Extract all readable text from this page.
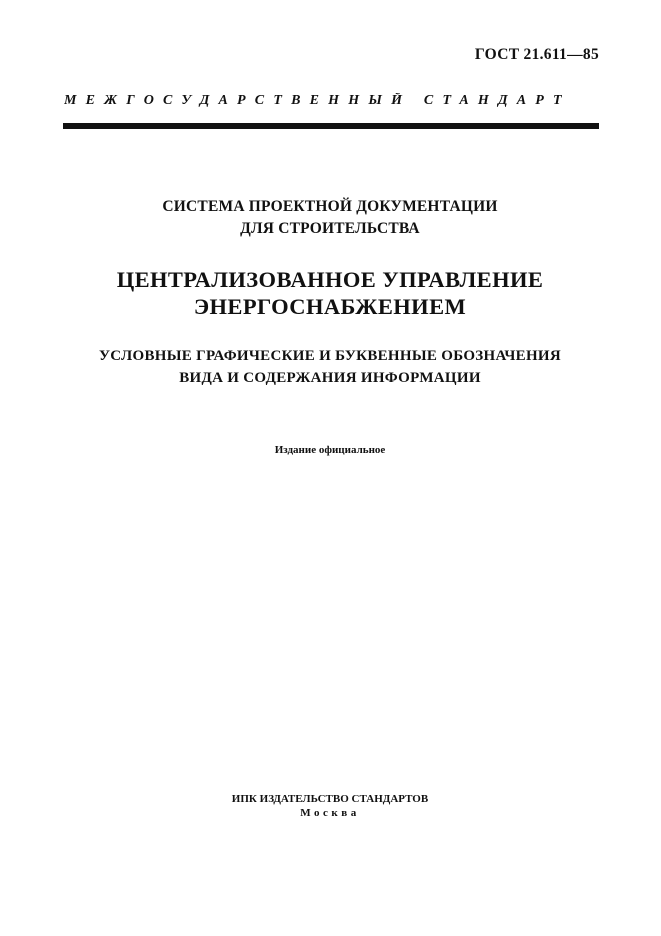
ГОСТ 21.611—85
МЕЖГОСУДАРСТВЕННЫЙ СТАНДАРТ
СИСТЕМА ПРОЕКТНОЙ ДОКУМЕНТАЦИИ
ДЛЯ СТРОИТЕЛЬСТВА
ЦЕНТРАЛИЗОВАННОЕ УПРАВЛЕНИЕ
ЭНЕРГОСНАБЖЕНИЕМ
УСЛОВНЫЕ ГРАФИЧЕСКИЕ И БУКВЕННЫЕ ОБОЗНАЧЕНИЯ
ВИДА И СОДЕРЖАНИЯ ИНФОРМАЦИИ
Издание официальное
ИПК ИЗДАТЕЛЬСТВО СТАНДАРТОВ
Москва
